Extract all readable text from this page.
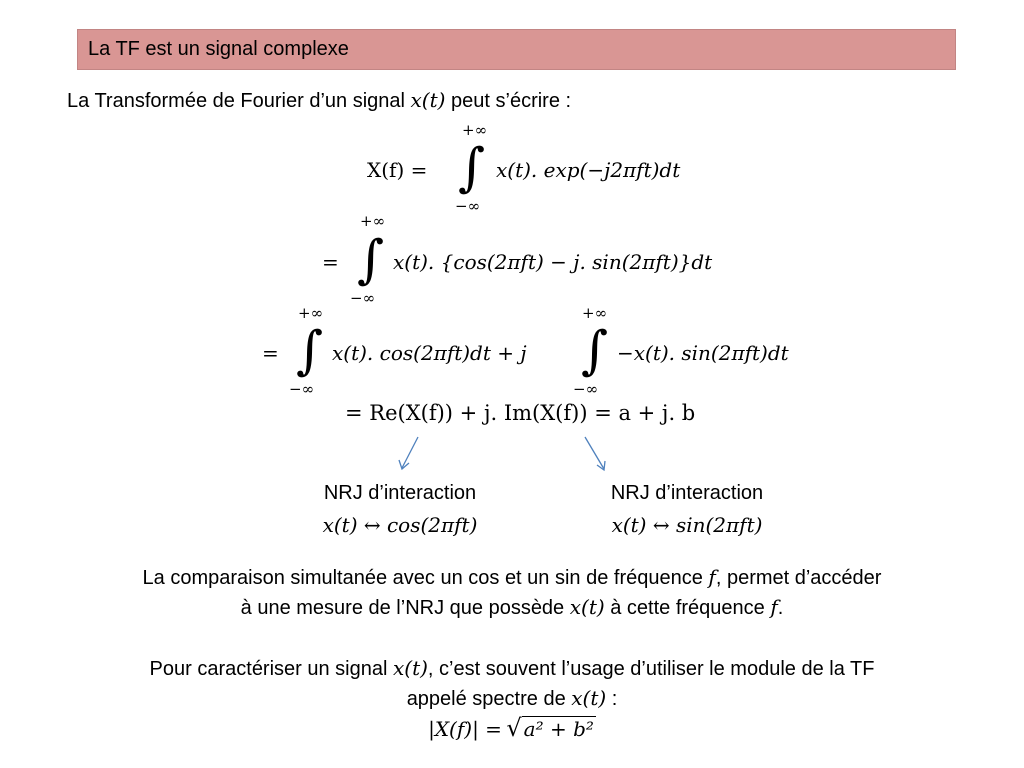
La TF est un signal complexe
La Transformée de Fourier d’un signal x(t) peut s’écrire :
X(f) =
+∞
∫
−∞
x(t). exp(−j2πft)dt
=
+∞
∫
−∞
x(t). {cos(2πft) − j. sin(2πft)}dt
=
+∞
∫
−∞
x(t). cos(2πft)dt + j
+∞
∫
−∞
−x(t). sin(2πft)dt
= Re(X(f)) + j. Im(X(f)) = a + j. b
NRJ d’interaction
x(t) ↔ cos(2πft)
NRJ d’interaction
x(t) ↔ sin(2πft)
La comparaison simultanée avec un cos et un sin de fréquence f, permet d’accéder
à une mesure de l’NRJ que possède x(t) à cette fréquence f.
Pour caractériser un signal x(t), c’est souvent l’usage d’utiliser le module de la TF
appelé spectre de x(t) :
|X(f)| = √ a² + b²
